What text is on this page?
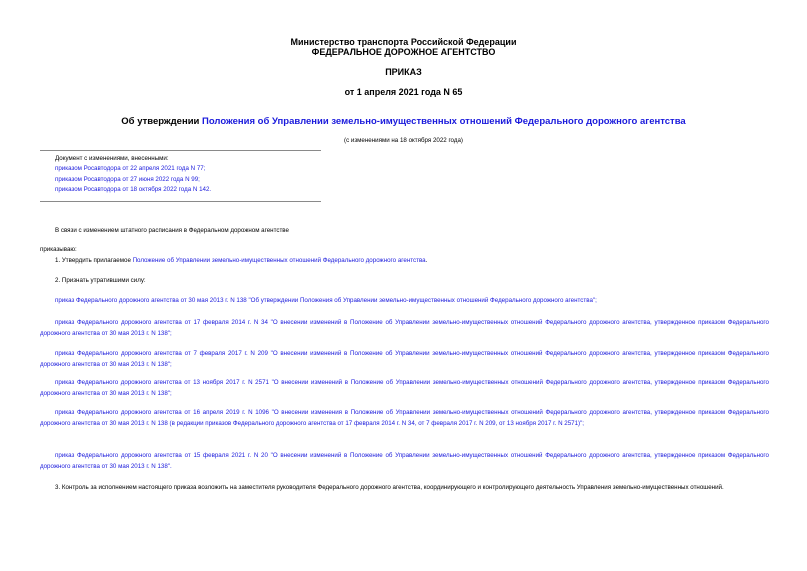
Министерство транспорта Российской Федерации
ФЕДЕРАЛЬНОЕ ДОРОЖНОЕ АГЕНТСТВО
ПРИКАЗ
от 1 апреля 2021 года N 65
Об утверждении Положения об Управлении земельно-имущественных отношений Федерального дорожного агентства
(с изменениями на 18 октября 2022 года)
Документ с изменениями, внесенными:
приказом Росавтодора от 22 апреля 2021 года N 77;
приказом Росавтодора от 27 июня 2022 года N 99;
приказом Росавтодора от 18 октября 2022 года N 142.
В связи с изменением штатного расписания в Федеральном дорожном агентстве
приказываю:
1. Утвердить прилагаемое Положение об Управлении земельно-имущественных отношений Федерального дорожного агентства.
2. Признать утратившими силу:
приказ Федерального дорожного агентства от 30 мая 2013 г. N 138 "Об утверждении Положения об Управлении земельно-имущественных отношений Федерального дорожного агентства";
приказ Федерального дорожного агентства от 17 февраля 2014 г. N 34 "О внесении изменений в Положение об Управлении земельно-имущественных отношений Федерального дорожного агентства, утвержденное приказом Федерального дорожного агентства от 30 мая 2013 г. N 138";
приказ Федерального дорожного агентства от 7 февраля 2017 г. N 209 "О внесении изменений в Положение об Управлении земельно-имущественных отношений Федерального дорожного агентства, утвержденное приказом Федерального дорожного агентства от 30 мая 2013 г. N 138";
приказ Федерального дорожного агентства от 13 ноября 2017 г. N 2571 "О внесении изменений в Положение об Управлении земельно-имущественных отношений Федерального дорожного агентства, утвержденное приказом Федерального дорожного агентства от 30 мая 2013 г. N 138";
приказ Федерального дорожного агентства от 16 апреля 2019 г. N 1096 "О внесении изменения в Положение об Управлении земельно-имущественных отношений Федерального дорожного агентства, утвержденное приказом Федерального дорожного агентства от 30 мая 2013 г. N 138 (в редакции приказов Федерального дорожного агентства от 17 февраля 2014 г. N 34, от 7 февраля 2017 г. N 209, от 13 ноября 2017 г. N 2571)";
приказ Федерального дорожного агентства от 15 февраля 2021 г. N 20 "О внесении изменений в Положение об Управлении земельно-имущественных отношений Федерального дорожного агентства, утвержденное приказом Федерального дорожного агентства от 30 мая 2013 г. N 138".
3. Контроль за исполнением настоящего приказа возложить на заместителя руководителя Федерального дорожного агентства, координирующего и контролирующего деятельность Управления земельно-имущественных отношений.
